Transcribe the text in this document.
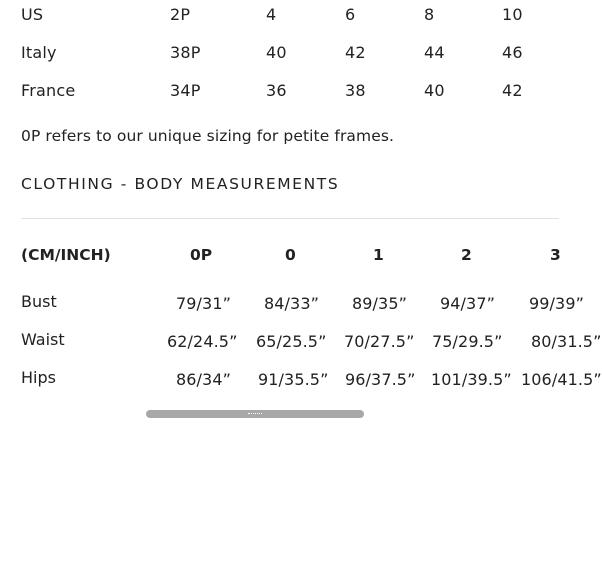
US	2P	4	6	8	10
Italy	38P	40	42	44	46
France	34P	36	38	40	42

0P refers to our unique sizing for petite frames.

CLOTHING - BODY MEASUREMENTS
(CM/INCH)	0P	0	1	2	3
Bust	79/31” 84/33” 89/35” 94/37” 99/39”
Waist	62/24.5” 65/25.5” 70/27.5” 75/29.5” 80/31.5”
Hips	86/34” 91/35.5” 96/37.5” 101/39.5” 106/41.5”
